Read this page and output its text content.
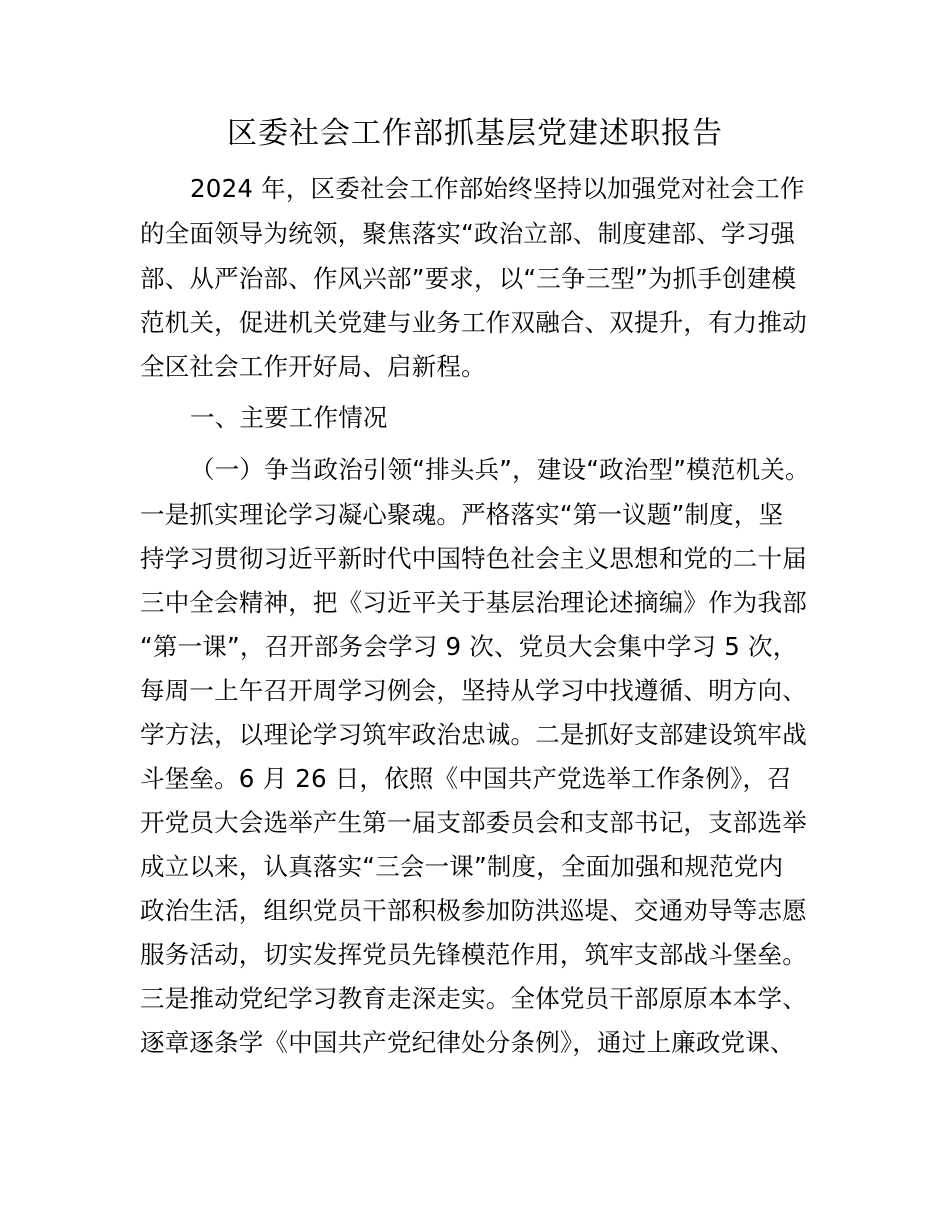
区委社会工作部抓基层党建述职报告
2024 年，区委社会工作部始终坚持以加强党对社会工作
的全面领导为统领，聚焦落实“政治立部、制度建部、学习强
部、从严治部、作风兴部”要求，以“三争三型”为抓手创建模
范机关，促进机关党建与业务工作双融合、双提升，有力推动
全区社会工作开好局、启新程。
一、主要工作情况
（一）争当政治引领“排头兵”，建设“政治型”模范机关。
一是抓实理论学习凝心聚魂。严格落实“第一议题”制度，坚
持学习贯彻习近平新时代中国特色社会主义思想和党的二十届
三中全会精神，把《习近平关于基层治理论述摘编》作为我部
“第一课”，召开部务会学习 9 次、党员大会集中学习 5 次，
每周一上午召开周学习例会，坚持从学习中找遵循、明方向、
学方法，以理论学习筑牢政治忠诚。二是抓好支部建设筑牢战
斗堡垒。6 月 26 日，依照《中国共产党选举工作条例》，召
开党员大会选举产生第一届支部委员会和支部书记，支部选举
成立以来，认真落实“三会一课”制度，全面加强和规范党内
政治生活，组织党员干部积极参加防洪巡堤、交通劝导等志愿
服务活动，切实发挥党员先锋模范作用，筑牢支部战斗堡垒。
三是推动党纪学习教育走深走实。全体党员干部原原本本学、
逐章逐条学《中国共产党纪律处分条例》，通过上廉政党课、
